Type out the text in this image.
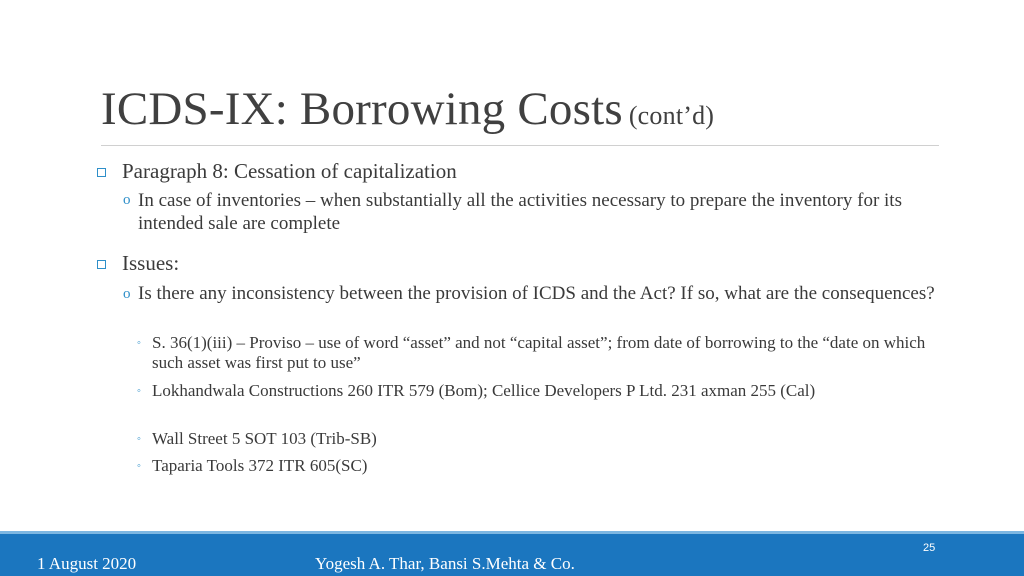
ICDS-IX: Borrowing Costs (cont’d)
Paragraph 8: Cessation of capitalization
o In case of inventories – when substantially all the activities necessary to prepare the inventory for its intended sale are complete
Issues:
o Is there any inconsistency between the provision of ICDS and the Act? If so, what are the consequences?
◦ S. 36(1)(iii) – Proviso – use of word “asset” and not “capital asset”; from date of borrowing to the “date on which such asset was first put to use”
◦ Lokhandwala Constructions 260 ITR 579 (Bom); Cellice Developers P Ltd. 231 axman 255 (Cal)
◦ Wall Street 5 SOT 103 (Trib-SB)
◦ Taparia Tools 372 ITR 605(SC)
1 August 2020	Yogesh A. Thar, Bansi S.Mehta & Co.
25
